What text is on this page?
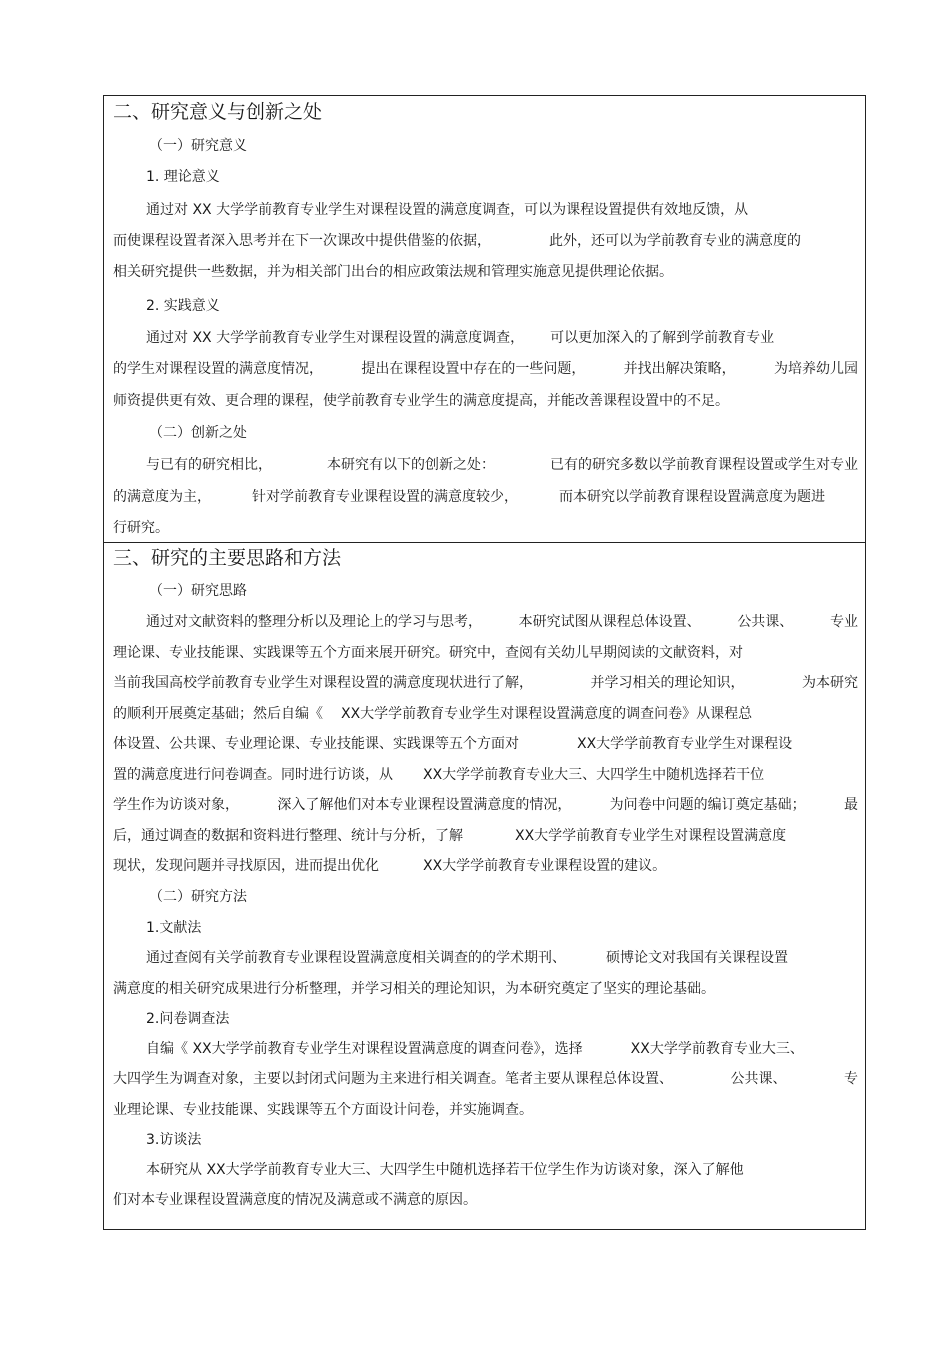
二、研究意义与创新之处
（一）研究意义
1. 理论意义
通过对 XX 大学学前教育专业学生对课程设置的满意度调查，可以为课程设置提供有效地反馈，从
而使课程设置者深入思考并在下一次课改中提供借鉴的依据，	此外，还可以为学前教育专业的满意度的
相关研究提供一些数据，并为相关部门出台的相应政策法规和管理实施意见提供理论依据。
2. 实践意义
通过对 XX 大学学前教育专业学生对课程设置的满意度调查， 可以更加深入的了解到学前教育专业
的学生对课程设置的满意度情况，	提出在课程设置中存在的一些问题，	并找出解决策略，	为培养幼儿园
师资提供更有效、更合理的课程，使学前教育专业学生的满意度提高，并能改善课程设置中的不足。
（二）创新之处
与已有的研究相比，	本研究有以下的创新之处：	已有的研究多数以学前教育课程设置或学生对专业
的满意度为主，	针对学前教育专业课程设置的满意度较少，	而本研究以学前教育课程设置满意度为题进
行研究。
三、研究的主要思路和方法
（一）研究思路
通过对文献资料的整理分析以及理论上的学习与思考，	本研究试图从课程总体设置、	公共课、	专业
理论课、专业技能课、实践课等五个方面来展开研究。研究中，查阅有关幼儿早期阅读的文献资料，对
当前我国高校学前教育专业学生对课程设置的满意度现状进行了解，	并学习相关的理论知识，	为本研究
的顺利开展奠定基础；然后自编《 XX大学学前教育专业学生对课程设置满意度的调查问卷》从课程总
体设置、公共课、专业理论课、专业技能课、实践课等五个方面对	XX大学学前教育专业学生对课程设
置的满意度进行问卷调查。同时进行访谈，从 XX大学学前教育专业大三、大四学生中随机选择若干位
学生作为访谈对象，	深入了解他们对本专业课程设置满意度的情况，	为问卷中问题的编订奠定基础；	最
后，通过调查的数据和资料进行整理、统计与分析，了解	XX大学学前教育专业学生对课程设置满意度
现状，发现问题并寻找原因，进而提出优化	XX大学学前教育专业课程设置的建议。
（二）研究方法
1.文献法
通过查阅有关学前教育专业课程设置满意度相关调查的的学术期刊、	硕博论文对我国有关课程设置
满意度的相关研究成果进行分析整理，并学习相关的理论知识，为本研究奠定了坚实的理论基础。
2.问卷调查法
自编《 XX大学学前教育专业学生对课程设置满意度的调查问卷》，选择	XX大学学前教育专业大三、
大四学生为调查对象，主要以封闭式问题为主来进行相关调查。笔者主要从课程总体设置、	公共课、	专
业理论课、专业技能课、实践课等五个方面设计问卷，并实施调查。
3.访谈法
本研究从 XX大学学前教育专业大三、大四学生中随机选择若干位学生作为访谈对象，深入了解他
们对本专业课程设置满意度的情况及满意或不满意的原因。
